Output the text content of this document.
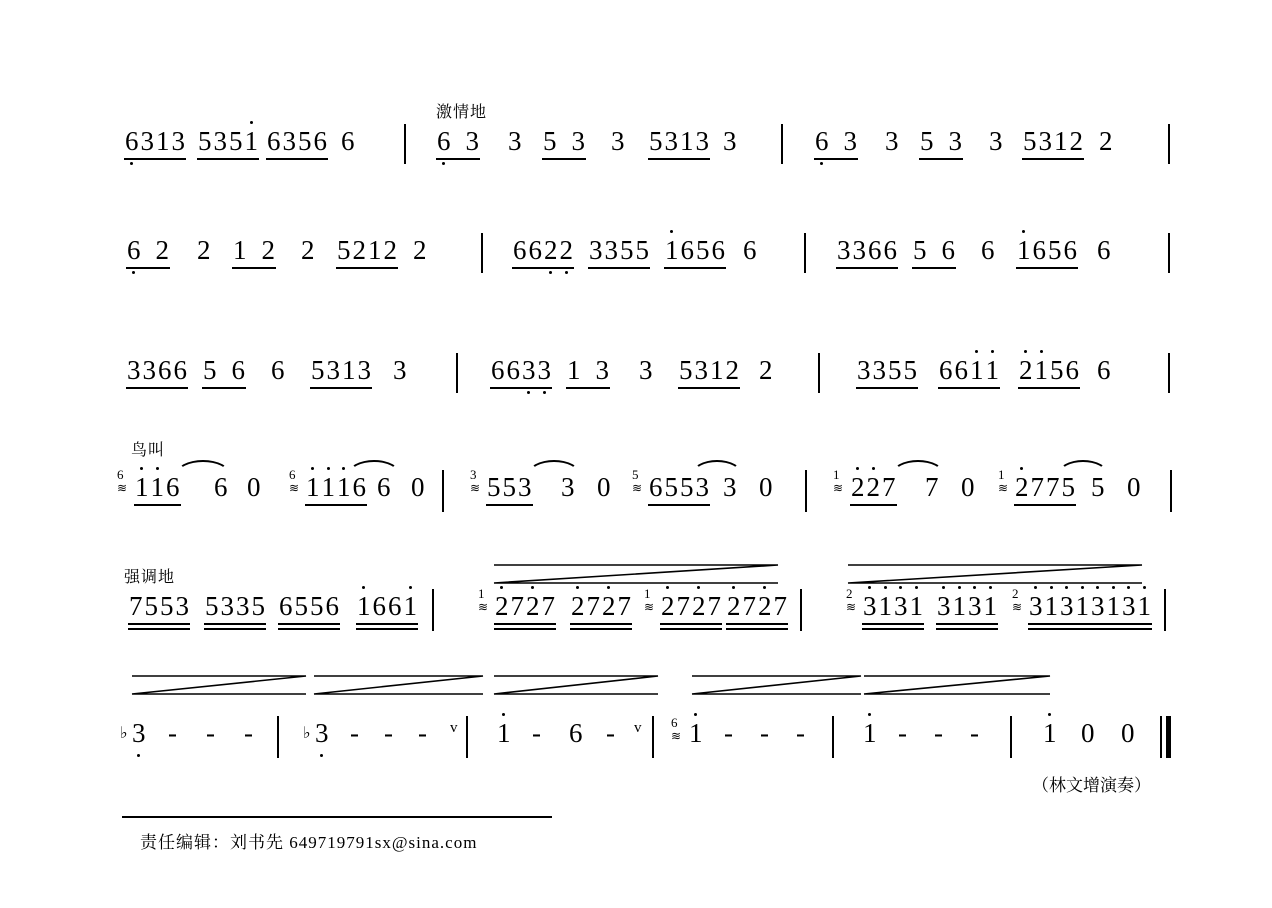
激情地
鸟叫
强调地
6 3 1 3 5 3 5 1 6 3 5 6 6	6 3 3 5 3 3 5 3 1 3 3	6 3 3 5 3 3 5 3 1 2 2
6 2 2 1 2 2 5 2 1 2 2	6 6 2 2 3 3 5 5 1 6 5 6 6	3 3 6 6 5 6 6 1 6 5 6 6
3 3 6 6 5 6 6 5 3 1 3 3	6 6 3 3 1 3 3 5 3 1 2 2	3 3 5 5 6 6 1 1 2 1 5 6 6
6
≋ 1 1 6 6 0 6
≋ 1 1 1 6 6 0	3
≋ 5 5 3 3 0 5
≋ 6 5 5 3 3 0	1
≋ 2 2 7 7 0 1
≋ 2 7 7 5 5 0
7 5 5 3 5 3 3 5 6 5 5 6 1 6 6 1	1
≋ 2 7 2 7 2 7 2 7 1
≋ 2 7 2 7 2 7 2 7	2
≋ 3 1 3 1 3 1 3 1 2
≋ 3 1 3 1 3 1 3 1
♭ 3 - - -	♭ 3 - - - v 1 - 6 - v 6
≋ 1 - - - 1 - - - 1 0 0
（林文增演奏）
责任编辑：刘书先 649719791sx@sina.com
